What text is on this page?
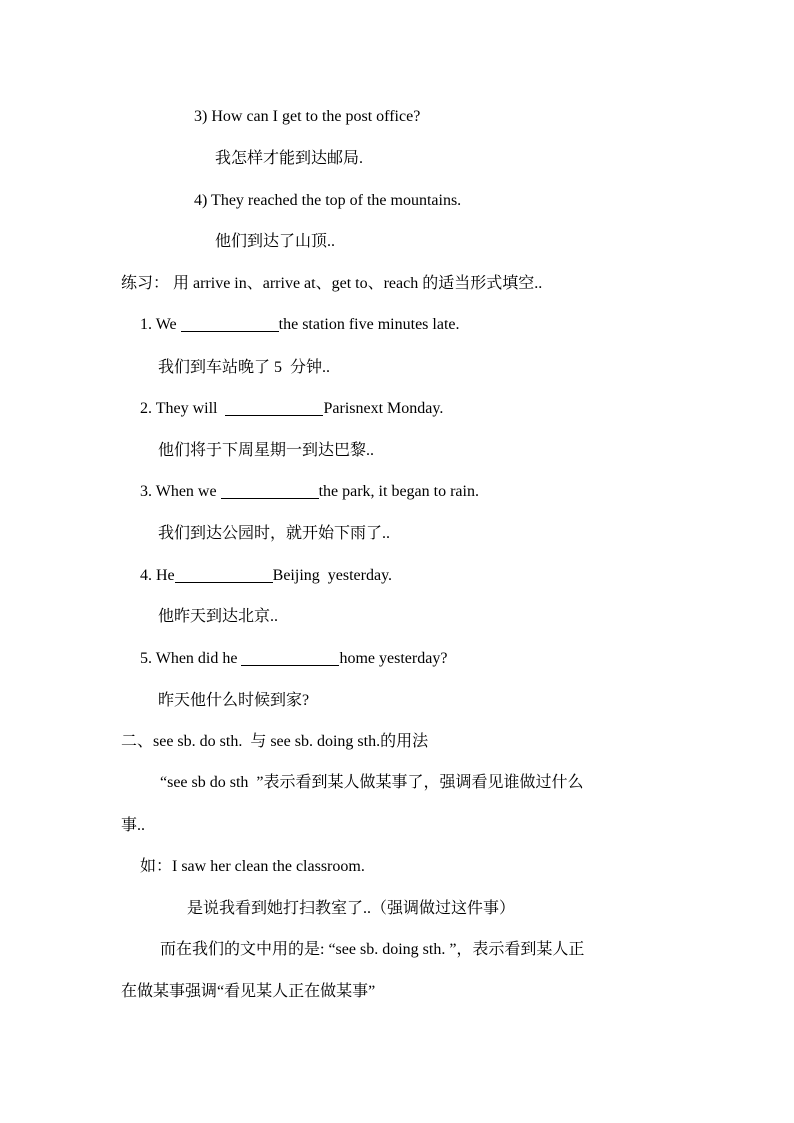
3) How can I get to the post office?
我怎样才能到达邮局.
4) They reached the top of the mountains.
他们到达了山顶..
练习： 用 arrive in、arrive at、get to、reach 的适当形式填空..
1. We	the station five minutes late.
我们到车站晚了 5  分钟..
2. They will	Parisnext Monday.
他们将于下周星期一到达巴黎..
3. When we	the park, it began to rain.
我们到达公园时，就开始下雨了..
4. He	Beijing  yesterday.
他昨天到达北京..
5. When did he	home yesterday?
昨天他什么时候到家?
二、see sb. do sth.  与 see sb. doing sth.的用法
“see sb do sth  ”表示看到某人做某事了，强调看见谁做过什么
事..
如：I saw her clean the classroom.
是说我看到她打扫教室了..（强调做过这件事）
而在我们的文中用的是: “see sb. doing sth. ”，表示看到某人正
在做某事强调“看见某人正在做某事”
